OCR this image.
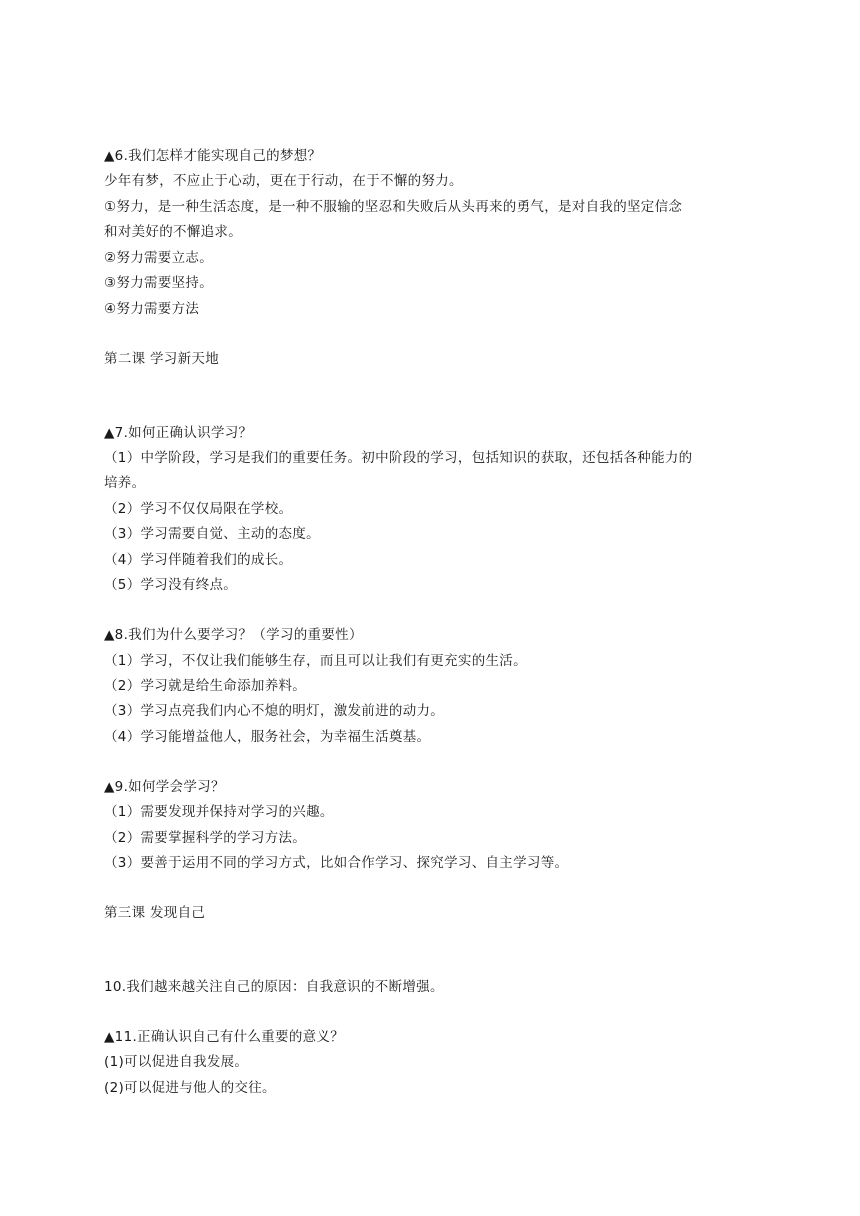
▲6.我们怎样才能实现自己的梦想？
少年有梦，不应止于心动，更在于行动，在于不懈的努力。
①努力，是一种生活态度，是一种不服输的坚忍和失败后从头再来的勇气，是对自我的坚定信念
和对美好的不懈追求。
②努力需要立志。
③努力需要坚持。
④努力需要方法
第二课 学习新天地
▲7.如何正确认识学习？
（1）中学阶段，学习是我们的重要任务。初中阶段的学习，包括知识的获取，还包括各种能力的
培养。
（2）学习不仅仅局限在学校。
（3）学习需要自觉、主动的态度。
（4）学习伴随着我们的成长。
（5）学习没有终点。
▲8.我们为什么要学习？（学习的重要性）
（1）学习，不仅让我们能够生存，而且可以让我们有更充实的生活。
（2）学习就是给生命添加养料。
（3）学习点亮我们内心不熄的明灯，激发前进的动力。
（4）学习能增益他人，服务社会，为幸福生活奠基。
▲9.如何学会学习？
（1）需要发现并保持对学习的兴趣。
（2）需要掌握科学的学习方法。
（3）要善于运用不同的学习方式，比如合作学习、探究学习、自主学习等。
第三课 发现自己
10.我们越来越关注自己的原因：自我意识的不断增强。
▲11.正确认识自己有什么重要的意义？
(1)可以促进自我发展。
(2)可以促进与他人的交往。
